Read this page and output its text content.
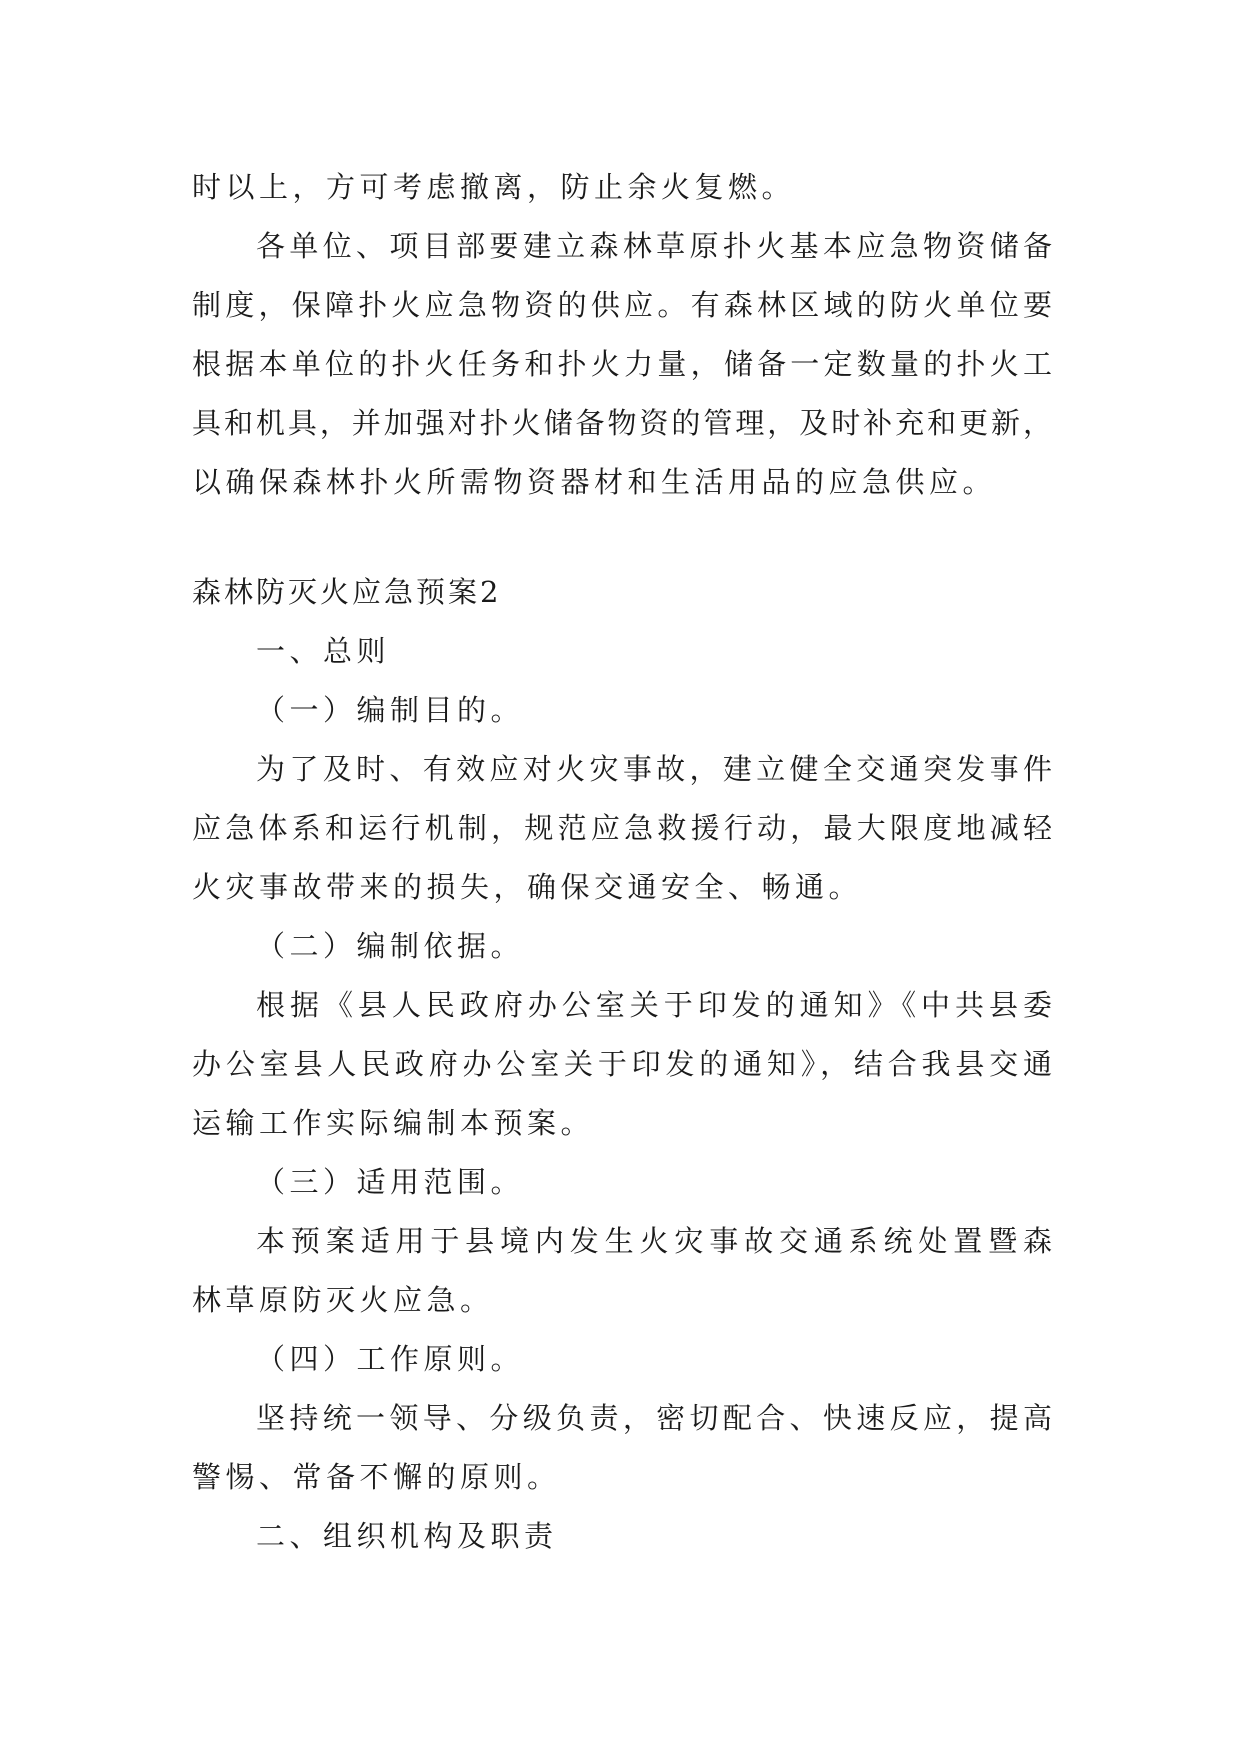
时以上，方可考虑撤离，防止余火复燃。
各单位、项目部要建立森林草原扑火基本应急物资储备
制度，保障扑火应急物资的供应。有森林区域的防火单位要
根据本单位的扑火任务和扑火力量，储备一定数量的扑火工
具和机具，并加强对扑火储备物资的管理，及时补充和更新，
以确保森林扑火所需物资器材和生活用品的应急供应。
森林防灭火应急预案2
一、总则
（一）编制目的。
为了及时、有效应对火灾事故，建立健全交通突发事件
应急体系和运行机制，规范应急救援行动，最大限度地减轻
火灾事故带来的损失，确保交通安全、畅通。
（二）编制依据。
根据《县人民政府办公室关于印发的通知》《中共县委
办公室县人民政府办公室关于印发的通知》，结合我县交通
运输工作实际编制本预案。
（三）适用范围。
本预案适用于县境内发生火灾事故交通系统处置暨森
林草原防灭火应急。
（四）工作原则。
坚持统一领导、分级负责，密切配合、快速反应，提高
警惕、常备不懈的原则。
二、组织机构及职责
